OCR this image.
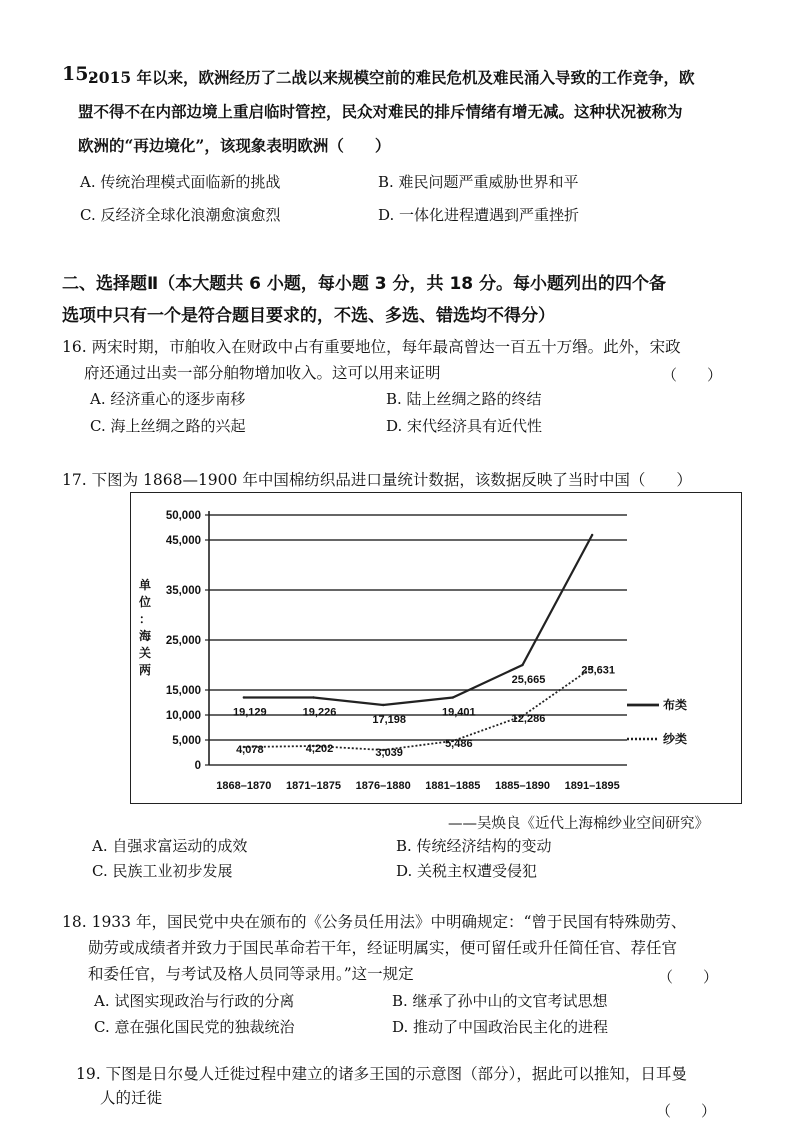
15.
2015 年以来，欧洲经历了二战以来规模空前的难民危机及难民涌入导致的工作竞争，欧
盟不得不在内部边境上重启临时管控，民众对难民的排斥情绪有增无减。这种状况被称为
欧洲的“再边境化”，该现象表明欧洲（　　）
A. 传统治理模式面临新的挑战	B. 难民问题严重威胁世界和平
C. 反经济全球化浪潮愈演愈烈	D. 一体化进程遭遇到严重挫折
二、选择题Ⅱ（本大题共 6 小题，每小题 3 分，共 18 分。每小题列出的四个备
选项中只有一个是符合题目要求的，不选、多选、错选均不得分）
16. 两宋时期，市舶收入在财政中占有重要地位，每年最高曾达一百五十万缗。此外，宋政
府还通过出卖一部分舶物增加收入。这可以用来证明	（　　）
A. 经济重心的逐步南移	B. 陆上丝绸之路的终结
C. 海上丝绸之路的兴起	D. 宋代经济具有近代性
17. 下图为 1868—1900 年中国棉纺织品进口量统计数据，该数据反映了当时中国（　　）
0
5,000
10,000
15,000
25,000
35,000
45,000
50,000
1868–1870 1871–1875 1876–1880 1881–1885 1885–1890 1891–1895
19,129	19,226
17,198
19,401
25,665
4,078	4,202	3,039
5,486
12,286
25,631
布类
纱类
单
位
：
海
关
两
——吴焕良《近代上海棉纱业空间研究》
A. 自强求富运动的成效	B. 传统经济结构的变动
C. 民族工业初步发展	D. 关税主权遭受侵犯
18. 1933 年，国民党中央在颁布的《公务员任用法》中明确规定：“曾于民国有特殊勋劳、
勋劳或成绩者并致力于国民革命若干年，经证明属实，便可留任或升任简任官、荐任官
和委任官，与考试及格人员同等录用。”这一规定	（　　）
A. 试图实现政治与行政的分离	B. 继承了孙中山的文官考试思想
C. 意在强化国民党的独裁统治	D. 推动了中国政治民主化的进程
19. 下图是日尔曼人迁徙过程中建立的诸多王国的示意图（部分），据此可以推知，日耳曼
人的迁徙
（　　）
